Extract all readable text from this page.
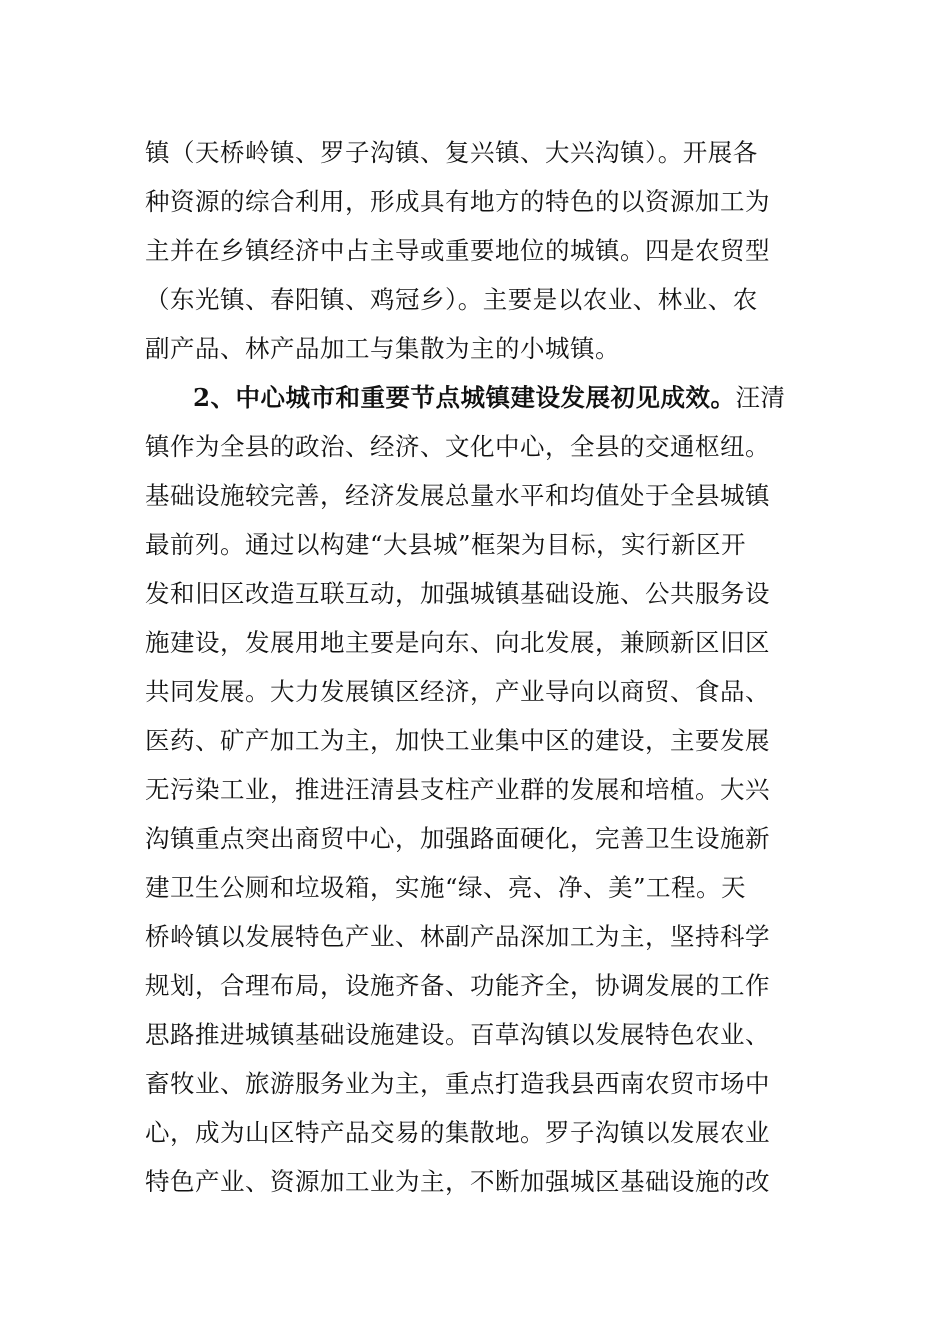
镇（天桥岭镇、罗子沟镇、复兴镇、大兴沟镇）。开展各
种资源的综合利用，形成具有地方的特色的以资源加工为
主并在乡镇经济中占主导或重要地位的城镇。四是农贸型
（东光镇、春阳镇、鸡冠乡）。主要是以农业、林业、农
副产品、林产品加工与集散为主的小城镇。
2、中心城市和重要节点城镇建设发展初见成效。汪清
镇作为全县的政治、经济、文化中心，全县的交通枢纽。
基础设施较完善，经济发展总量水平和均值处于全县城镇
最前列。通过以构建“大县城”框架为目标，实行新区开
发和旧区改造互联互动，加强城镇基础设施、公共服务设
施建设，发展用地主要是向东、向北发展，兼顾新区旧区
共同发展。大力发展镇区经济，产业导向以商贸、食品、
医药、矿产加工为主，加快工业集中区的建设，主要发展
无污染工业，推进汪清县支柱产业群的发展和培植。大兴
沟镇重点突出商贸中心，加强路面硬化，完善卫生设施新
建卫生公厕和垃圾箱，实施“绿、亮、净、美”工程。天
桥岭镇以发展特色产业、林副产品深加工为主，坚持科学
规划，合理布局，设施齐备、功能齐全，协调发展的工作
思路推进城镇基础设施建设。百草沟镇以发展特色农业、
畜牧业、旅游服务业为主，重点打造我县西南农贸市场中
心，成为山区特产品交易的集散地。罗子沟镇以发展农业
特色产业、资源加工业为主，不断加强城区基础设施的改
